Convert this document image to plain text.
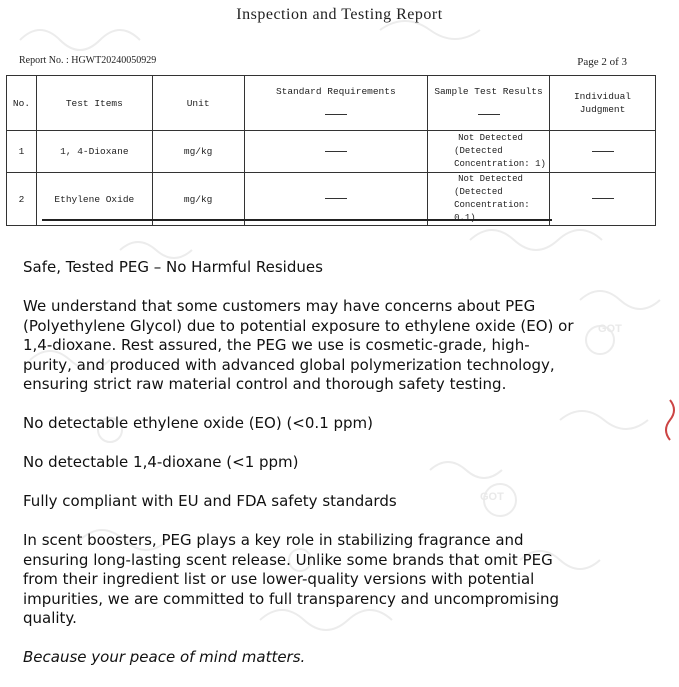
GOT
GOT
Inspection and Testing Report
Report No. : HGWT20240050929	Page 2 of 3
No.	Test Items	Unit	Standard Requirements	Sample Test Results	Individual Judgment
1	1, 4-Dioxane	mg/kg		Not Detected
(Detected
Concentration: 1)	

2	Ethylene Oxide	mg/kg		Not Detected
(Detected
Concentration: 0.1)	

Safe, Tested PEG – No Harmful Residues

We understand that some customers may have concerns about PEG (Polyethylene Glycol) due to potential exposure to ethylene oxide (EO) or 1,4-dioxane. Rest assured, the PEG we use is cosmetic-grade, high-purity, and produced with advanced global polymerization technology, ensuring strict raw material control and thorough safety testing.

No detectable ethylene oxide (EO) (<0.1 ppm)

No detectable 1,4-dioxane (<1 ppm)

Fully compliant with EU and FDA safety standards

In scent boosters, PEG plays a key role in stabilizing fragrance and ensuring long-lasting scent release. Unlike some brands that omit PEG from their ingredient list or use lower-quality versions with potential impurities, we are committed to full transparency and uncompromising quality.

Because your peace of mind matters.
